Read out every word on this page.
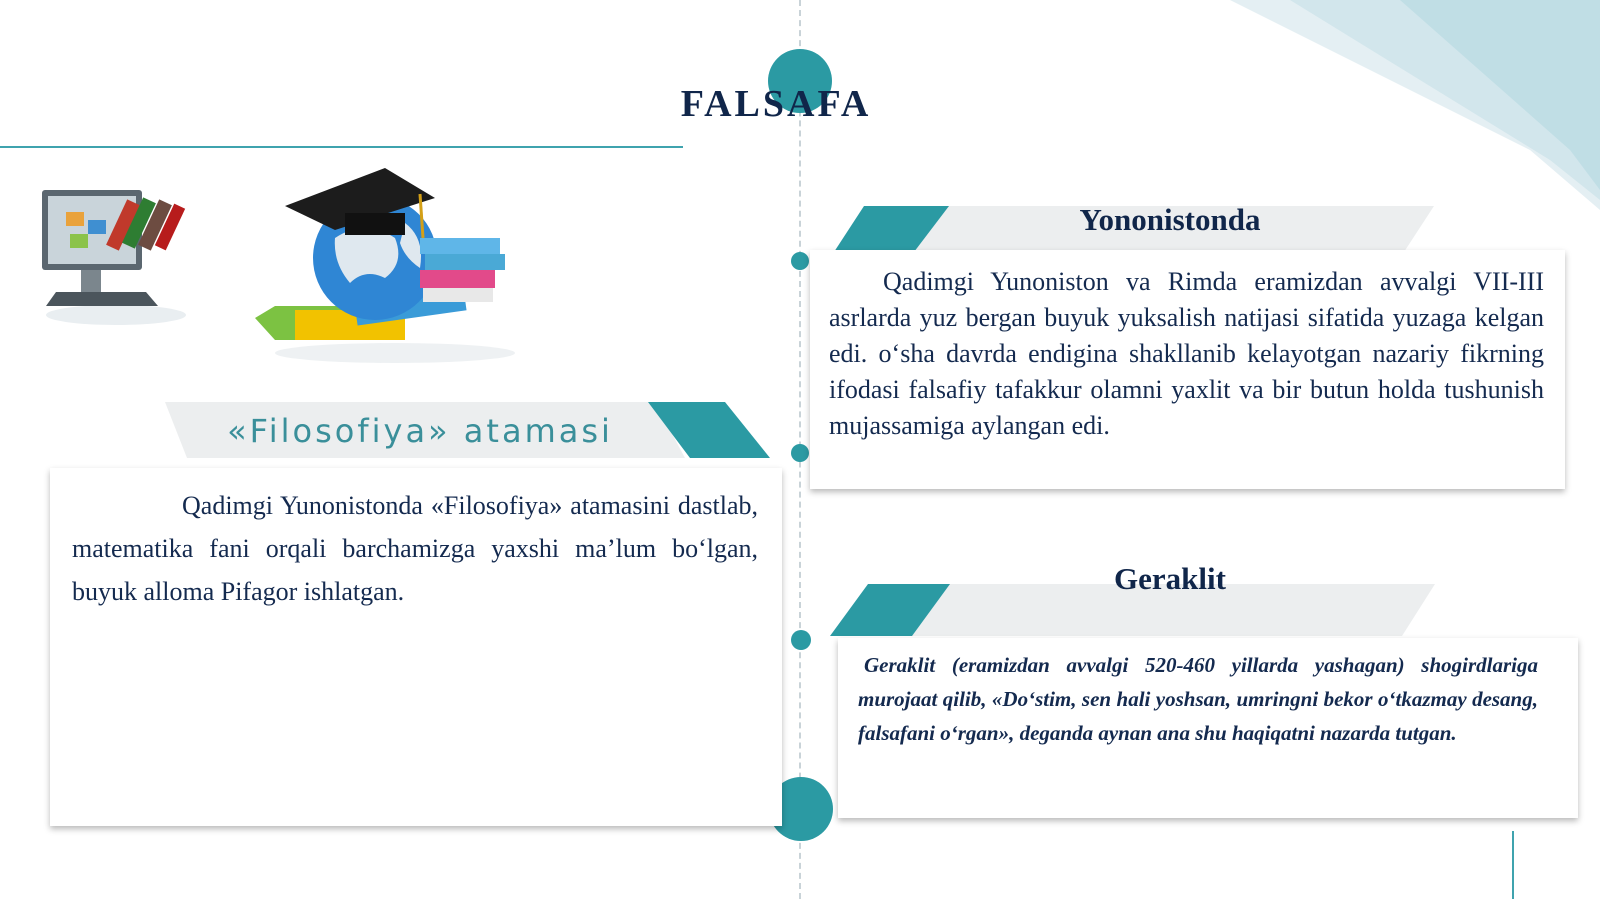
FALSAFA
«Filosofiya» atamasi
Qadimgi Yunonistonda «Filosofiya» atamasini dastlab, matematika fani orqali barchamizga yaxshi ma’lum bo‘lgan, buyuk alloma Pifagor ishlatgan.
Yononistonda
Qadimgi Yunoniston va Rimda eramizdan avvalgi VII-III asrlarda yuz bergan buyuk yuksalish natijasi sifatida yuzaga kelgan edi. o‘sha davrda endigina shakllanib kelayotgan nazariy fikrning ifodasi falsafiy tafakkur olamni yaxlit va bir butun holda tushunish mujassamiga aylangan edi.
Geraklit
Geraklit (eramizdan avvalgi 520-460 yillarda yashagan) shogirdlariga murojaat qilib, «Do‘stim, sen hali yoshsan, umringni bekor o‘tkazmay desang, falsafani o‘rgan», deganda aynan ana shu haqiqatni nazarda tutgan.
